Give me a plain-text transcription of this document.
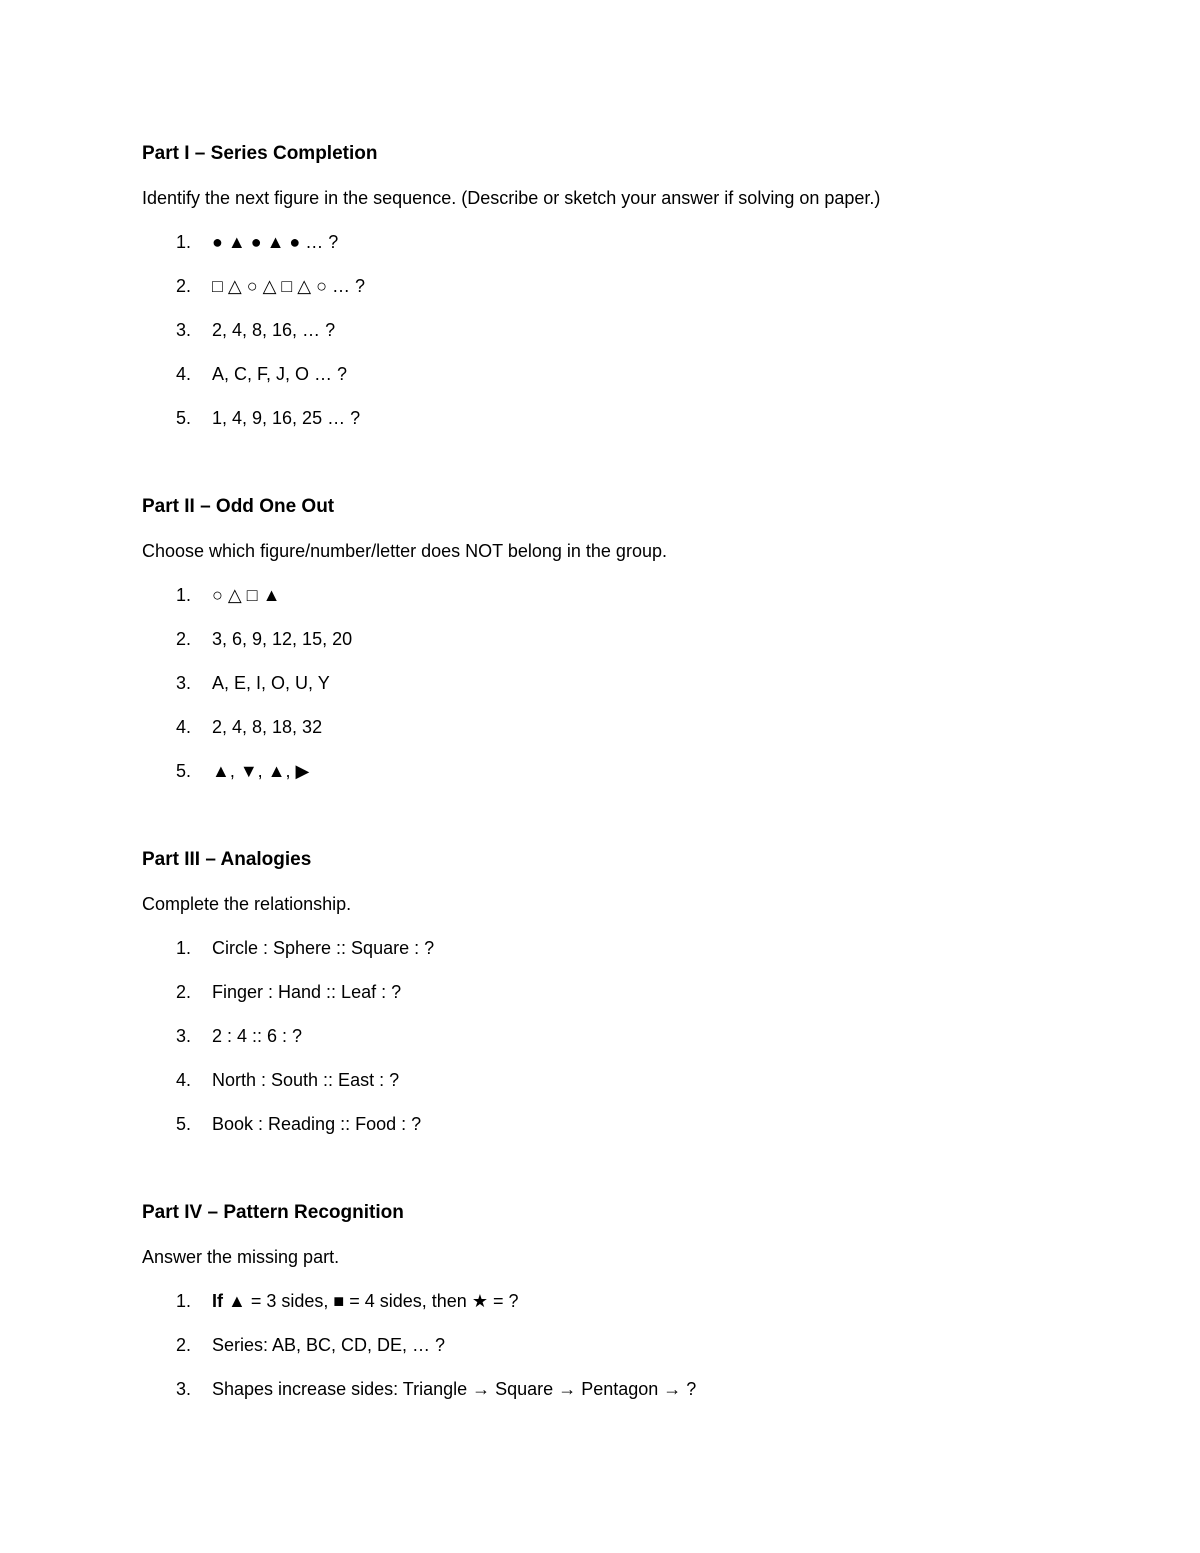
Part I – Series Completion
Identify the next figure in the sequence. (Describe or sketch your answer if solving on paper.)
1.	● ▲ ● ▲ ● … ?
2.	□ △ ○ △ □ △ ○ … ?
3.	2, 4, 8, 16, … ?
4.	A, C, F, J, O … ?
5.	1, 4, 9, 16, 25 … ?
Part II – Odd One Out
Choose which figure/number/letter does NOT belong in the group.
1.	○ △ □ ▲
2.	3, 6, 9, 12, 15, 20
3.	A, E, I, O, U, Y
4.	2, 4, 8, 18, 32
5.	▲, ▼, ▲, ▶
Part III – Analogies
Complete the relationship.
1.	Circle : Sphere :: Square : ?
2.	Finger : Hand :: Leaf : ?
3.	2 : 4 :: 6 : ?
4.	North : South :: East : ?
5.	Book : Reading :: Food : ?
Part IV – Pattern Recognition
Answer the missing part.
1.	If ▲ = 3 sides, ■ = 4 sides, then ★ = ?
2.	Series: AB, BC, CD, DE, … ?
3.	Shapes increase sides: Triangle → Square → Pentagon → ?
